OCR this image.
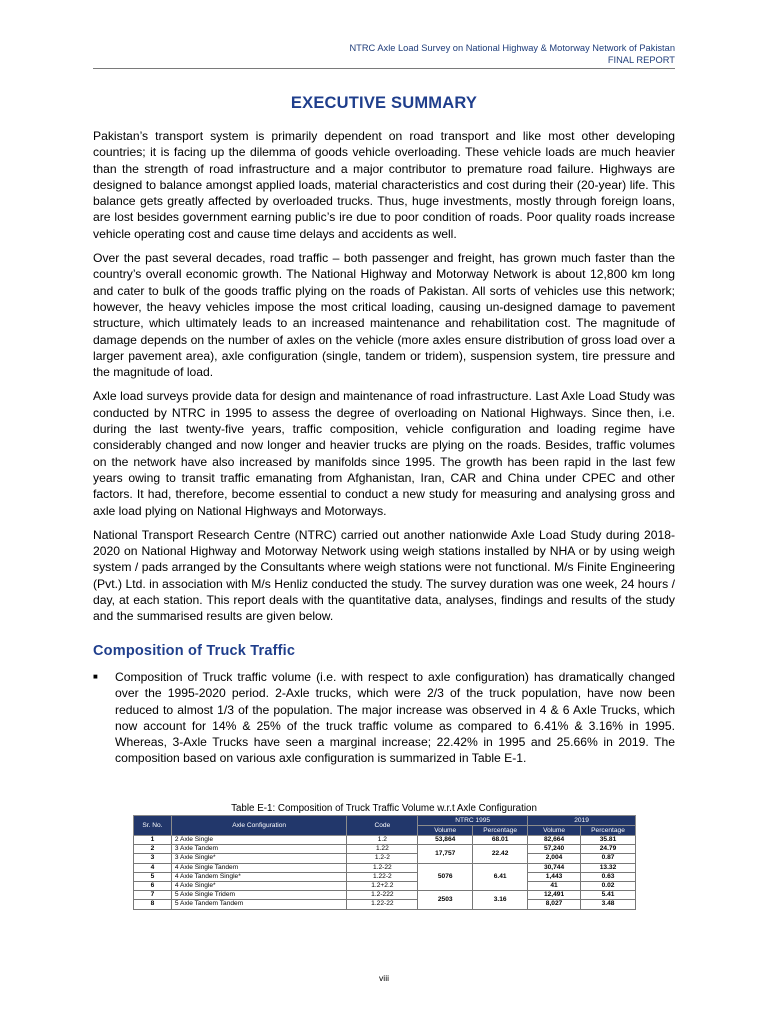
NTRC Axle Load Survey on National Highway & Motorway Network of Pakistan
FINAL REPORT
EXECUTIVE SUMMARY

Pakistan’s transport system is primarily dependent on road transport and like most other developing countries; it is facing up the dilemma of goods vehicle overloading. These vehicle loads are much heavier than the strength of road infrastructure and a major contributor to premature road failure. Highways are designed to balance amongst applied loads, material characteristics and cost during their (20-year) life. This balance gets greatly affected by overloaded trucks. Thus, huge investments, mostly through foreign loans, are lost besides government earning public’s ire due to poor condition of roads. Poor quality roads increase vehicle operating cost and cause time delays and accidents as well.

Over the past several decades, road traffic – both passenger and freight, has grown much faster than the country’s overall economic growth. The National Highway and Motorway Network is about 12,800 km long and cater to bulk of the goods traffic plying on the roads of Pakistan. All sorts of vehicles use this network; however, the heavy vehicles impose the most critical loading, causing un-designed damage to pavement structure, which ultimately leads to an increased maintenance and rehabilitation cost. The magnitude of damage depends on the number of axles on the vehicle (more axles ensure distribution of gross load over a larger pavement area), axle configuration (single, tandem or tridem), suspension system, tire pressure and the magnitude of load.

Axle load surveys provide data for design and maintenance of road infrastructure. Last Axle Load Study was conducted by NTRC in 1995 to assess the degree of overloading on National Highways. Since then, i.e. during the last twenty-five years, traffic composition, vehicle configuration and loading regime have considerably changed and now longer and heavier trucks are plying on the roads. Besides, traffic volumes on the network have also increased by manifolds since 1995. The growth has been rapid in the last few years owing to transit traffic emanating from Afghanistan, Iran, CAR and China under CPEC and other factors. It had, therefore, become essential to conduct a new study for measuring and analysing gross and axle load plying on National Highways and Motorways.

National Transport Research Centre (NTRC) carried out another nationwide Axle Load Study during 2018-2020 on National Highway and Motorway Network using weigh stations installed by NHA or by using weigh system / pads arranged by the Consultants where weigh stations were not functional. M/s Finite Engineering (Pvt.) Ltd. in association with M/s Henliz conducted the study. The survey duration was one week, 24 hours / day, at each station. This report deals with the quantitative data, analyses, findings and results of the study and the summarised results are given below.

Composition of Truck Traffic
■	Composition of Truck traffic volume (i.e. with respect to axle configuration) has dramatically changed over the 1995-2020 period. 2-Axle trucks, which were 2/3 of the truck population, have now been reduced to almost 1/3 of the population. The major increase was observed in 4 & 6 Axle Trucks, which now account for 14% & 25% of the truck traffic volume as compared to 6.41% & 3.16% in 1995. Whereas, 3-Axle Trucks have seen a marginal increase; 22.42% in 1995 and 25.66% in 2019. The composition based on various axle configuration is summarized in Table E-1.
Table E-1: Composition of Truck Traffic Volume w.r.t Axle Configuration
Sr. No.	Axle Configuration	Code	NTRC 1995		2019	
			Volume	Percentage	Volume	Percentage
1	2 Axle Single	1.2	53,864	68.01	82,664	35.81
2	3 Axle Tandem	1.22	17,757	22.42	57,240	24.79
3	3 Axle Single*	1.2-2			2,004	0.87
4	4 Axle Single Tandem	1.2-22	5076	6.41	30,744	13.32
5	4 Axle Tandem Single*	1.22-2			1,443	0.63
6	4 Axle Single*	1.2+2.2			41	0.02
7	5 Axle Single Tridem	1.2-222	2503	3.16	12,491	5.41
8	5 Axle Tandem Tandem	1.22-22			8,027	3.48
viii
